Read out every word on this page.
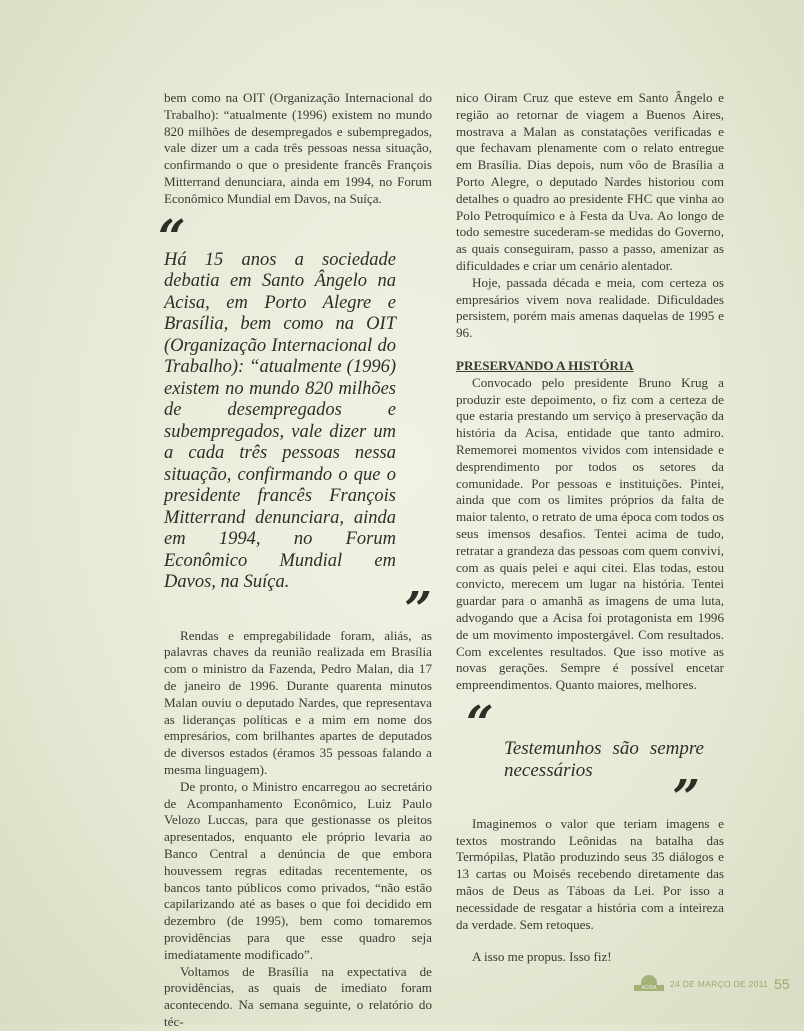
bem como na OIT (Organização Internacional do Trabalho): “atualmente (1996) existem no mundo 820 milhões de desempregados e subempregados, vale dizer um a cada três pessoas nessa situação, confirmando o que o presidente francês François Mitterrand denunciara, ainda em 1994, no Forum Econômico Mundial em Davos, na Suíça.

“

Há 15 anos a sociedade debatia em Santo Ângelo na Acisa, em Porto Alegre e Brasília, bem como na OIT (Organização Internacional do Trabalho): “atualmente (1996) existem no mundo 820 milhões de desempregados e subempregados, vale dizer um a cada três pessoas nessa situação, confirmando o que o presidente francês François Mitterrand denunciara, ainda em 1994, no Forum Econômico Mundial em Davos, na Suíça.	”

Rendas e empregabilidade foram, aliás, as palavras chaves da reunião realizada em Brasília com o ministro da Fazenda, Pedro Malan, dia 17 de janeiro de 1996. Durante quarenta minutos Malan ouviu o deputado Nardes, que representava as lideranças políticas e a mim em nome dos empresários, com brilhantes apartes de deputados de diversos estados (éramos 35 pessoas falando a mesma linguagem).

De pronto, o Ministro encarregou ao secretário de Acompanhamento Econômico, Luiz Paulo Velozo Luccas, para que gestionasse os pleitos apresentados, enquanto ele próprio levaria ao Banco Central a denúncia de que embora houvessem regras editadas recentemente, os bancos tanto públicos como privados, “não estão capilarizando até as bases o que foi decidido em dezembro (de 1995), bem como tomaremos providências para que esse quadro seja imediatamente modificado”.

Voltamos de Brasília na expectativa de providências, as quais de imediato foram acontecendo. Na semana seguinte, o relatório do téc-

nico Oiram Cruz que esteve em Santo Ângelo e região ao retornar de viagem a Buenos Aires, mostrava a Malan as constatações verificadas e que fechavam plenamente com o relato entregue em Brasília. Dias depois, num vôo de Brasília a Porto Alegre, o deputado Nardes historiou com detalhes o quadro ao presidente FHC que vinha ao Polo Petroquímico e à Festa da Uva. Ao longo de todo semestre sucederam-se medidas do Governo, as quais conseguiram, passo a passo, amenizar as dificuldades e criar um cenário alentador.

Hoje, passada década e meia, com certeza os empresários vivem nova realidade. Dificuldades persistem, porém mais amenas daquelas de 1995 e 96.

PRESERVANDO A HISTÓRIA

Convocado pelo presidente Bruno Krug a produzir este depoimento, o fiz com a certeza de que estaria prestando um serviço à preservação da história da Acisa, entidade que tanto admiro. Rememorei momentos vividos com intensidade e desprendimento por todos os setores da comunidade. Por pessoas e instituições. Pintei, ainda que com os limites próprios da falta de maior talento, o retrato de uma época com todos os seus imensos desafios. Tentei acima de tudo, retratar a grandeza das pessoas com quem convivi, com as quais pelei e aqui citei. Elas todas, estou convicto, merecem um lugar na história. Tentei guardar para o amanhã as imagens de uma luta, advogando que a Acisa foi protagonista em 1996 de um movimento impostergável. Com resultados. Com excelentes resultados. Que isso motive as novas gerações. Sempre é possível encetar empreendimentos. Quanto maiores, melhores.

“ Testemunhos são sempre necessários	”

Imaginemos o valor que teriam imagens e textos mostrando Leônidas na batalha das Termópilas, Platão produzindo seus 35 diálogos e 13 cartas ou Moisés recebendo diretamente das mãos de Deus as Táboas da Lei. Por isso a necessidade de resgatar a história com a inteireza da verdade. Sem retoques.

A isso me propus. Isso fiz!

ACISA	24 DE MARÇO DE 2011 55
